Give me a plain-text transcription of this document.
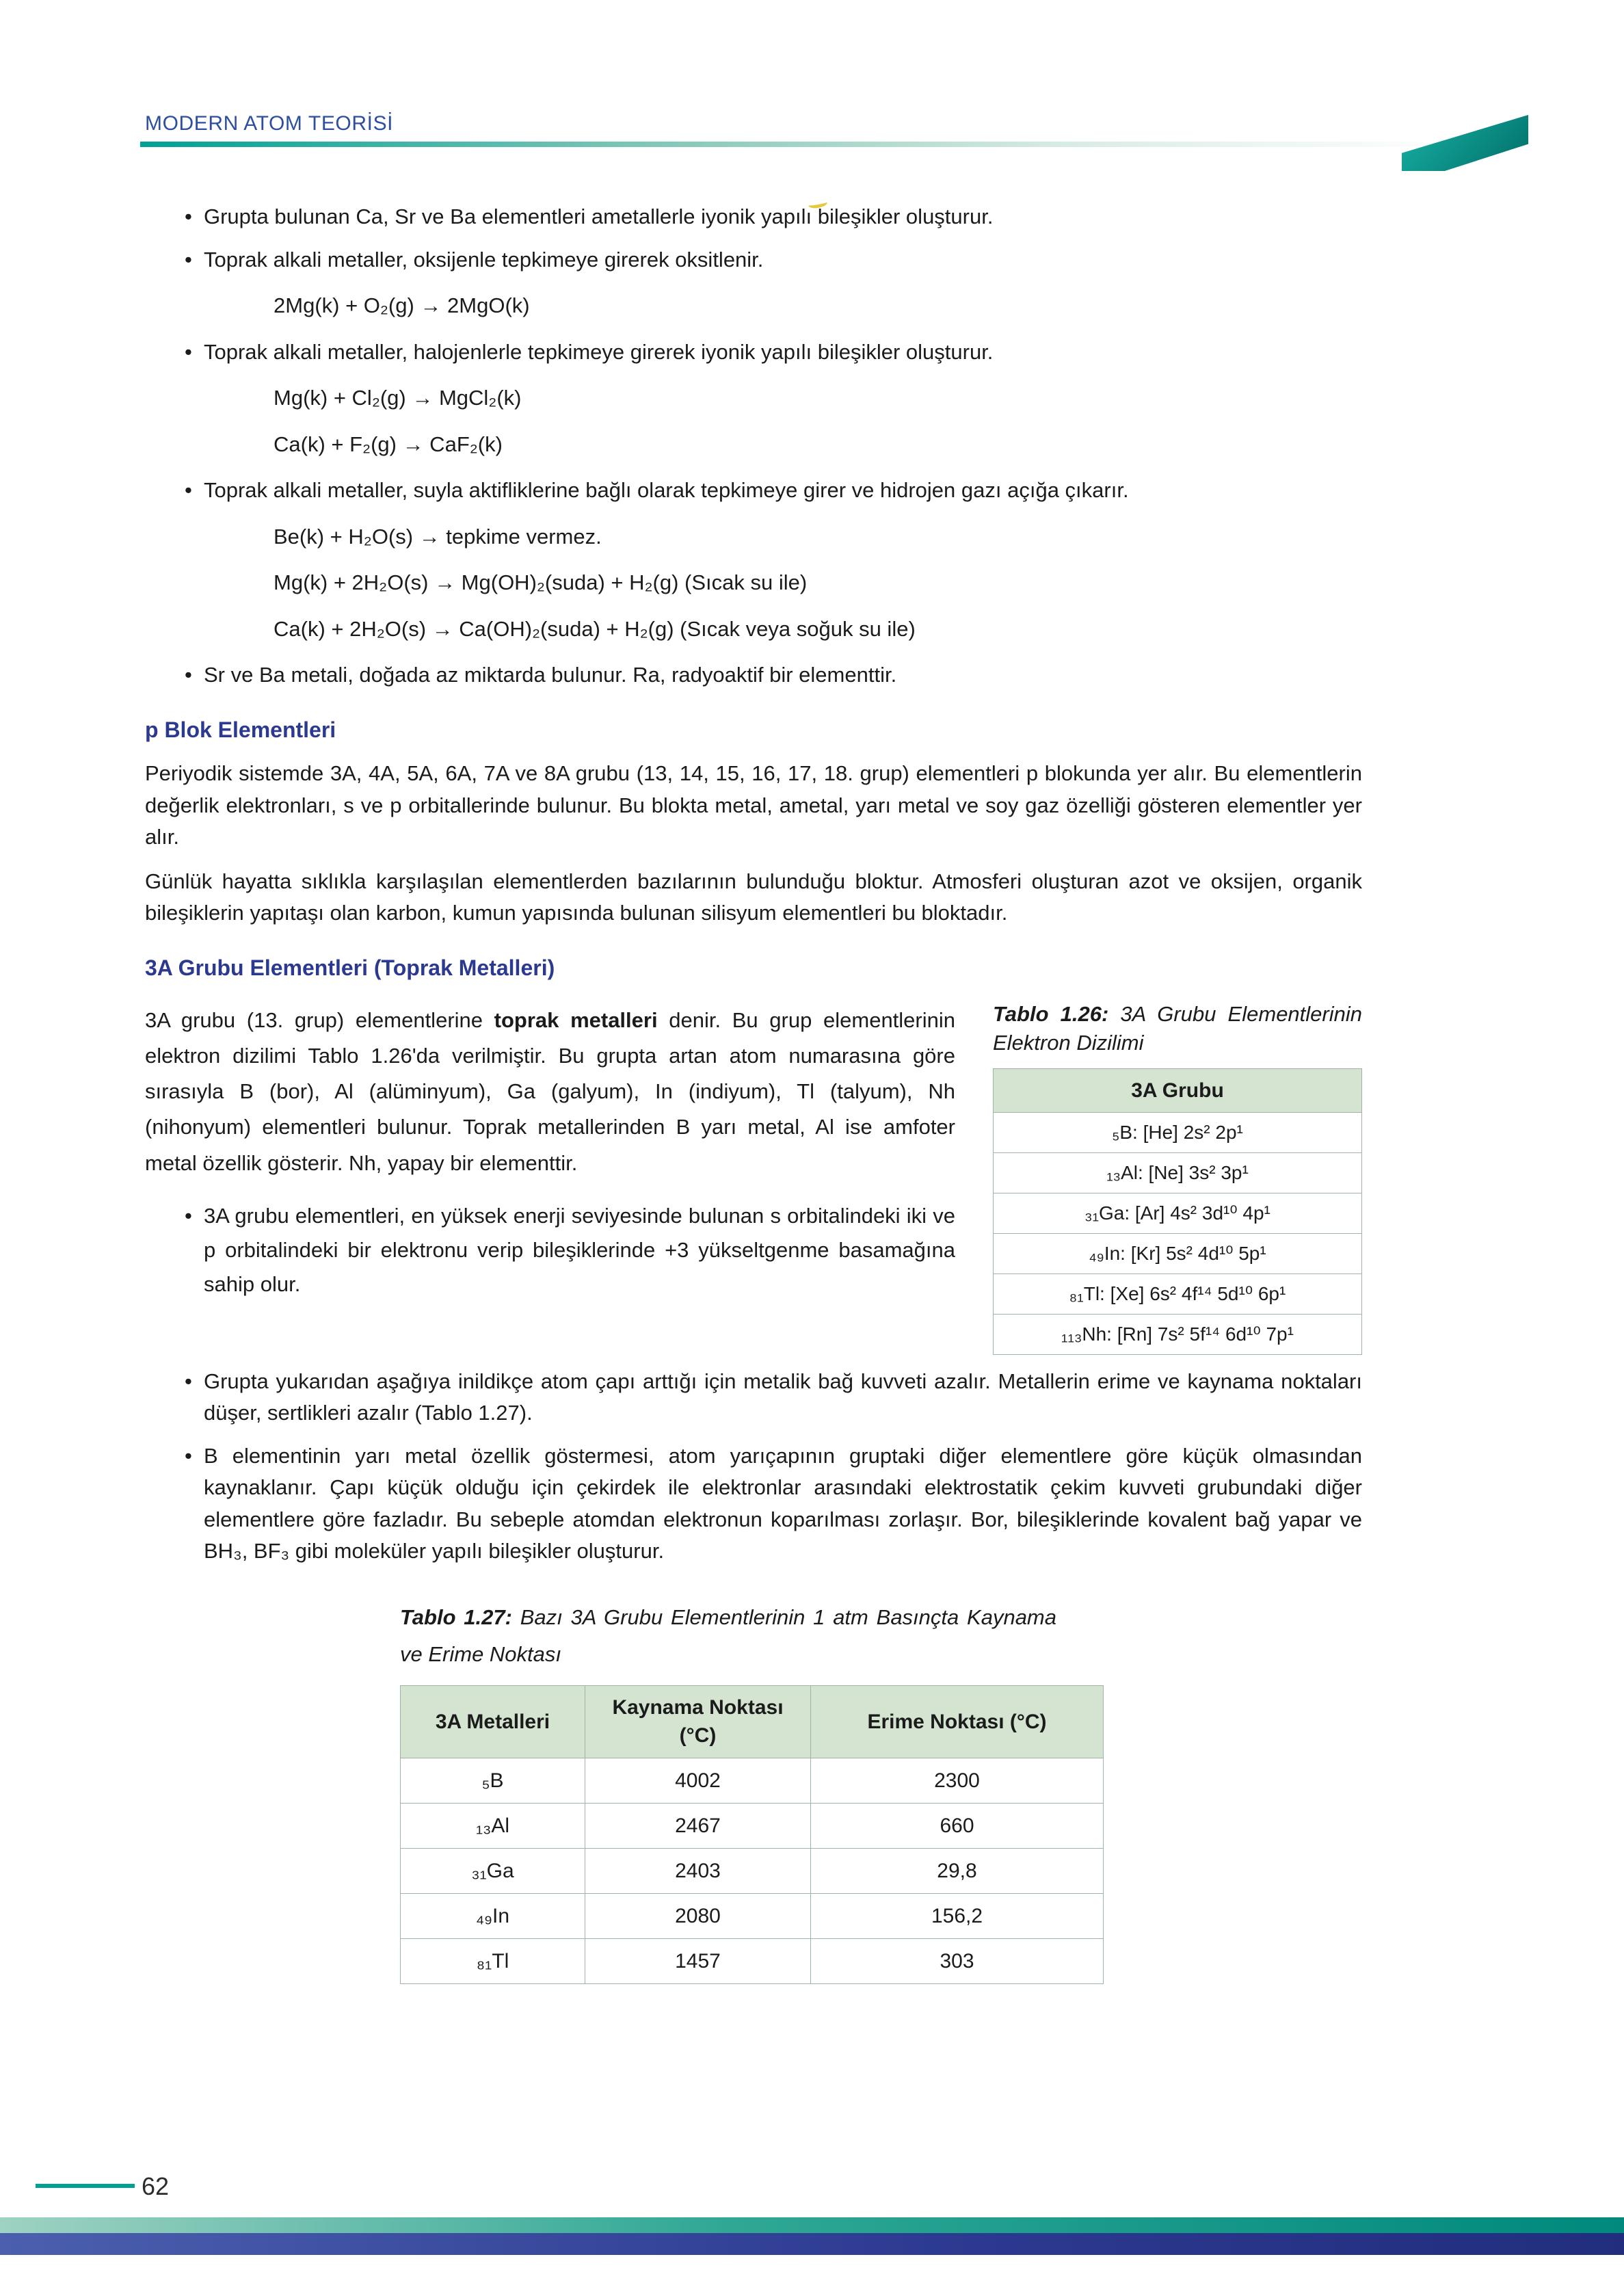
MODERN ATOM TEORİSİ
• Grupta bulunan Ca, Sr ve Ba elementleri ametallerle iyonik yapılı bileşikler oluşturur.
• Toprak alkali metaller, oksijenle tepkimeye girerek oksitlenir.
2Mg(k) + O₂(g) → 2MgO(k)
• Toprak alkali metaller, halojenlerle tepkimeye girerek iyonik yapılı bileşikler oluşturur.
Mg(k) + Cl₂(g) → MgCl₂(k)
Ca(k) + F₂(g) → CaF₂(k)
• Toprak alkali metaller, suyla aktifliklerine bağlı olarak tepkimeye girer ve hidrojen gazı açığa çıkarır.
Be(k) + H₂O(s) → tepkime vermez.
Mg(k) + 2H₂O(s) → Mg(OH)₂(suda) + H₂(g) (Sıcak su ile)
Ca(k) + 2H₂O(s) → Ca(OH)₂(suda) + H₂(g) (Sıcak veya soğuk su ile)
• Sr ve Ba metali, doğada az miktarda bulunur. Ra, radyoaktif bir elementtir.
p Blok Elementleri

Periyodik sistemde 3A, 4A, 5A, 6A, 7A ve 8A grubu (13, 14, 15, 16, 17, 18. grup) elementleri p blokunda yer alır. Bu elementlerin değerlik elektronları, s ve p orbitallerinde bulunur. Bu blokta metal, ametal, yarı metal ve soy gaz özelliği gösteren elementler yer alır.

Günlük hayatta sıklıkla karşılaşılan elementlerden bazılarının bulunduğu bloktur. Atmosferi oluşturan azot ve oksijen, organik bileşiklerin yapıtaşı olan karbon, kumun yapısında bulunan silisyum elementleri bu bloktadır.

3A Grubu Elementleri (Toprak Metalleri)

3A grubu (13. grup) elementlerine toprak metalleri denir. Bu grup elementlerinin elektron dizilimi Tablo 1.26'da verilmiştir. Bu grupta artan atom numarasına göre sırasıyla B (bor), Al (alüminyum), Ga (galyum), In (indiyum), Tl (talyum), Nh (nihonyum) elementleri bulunur. Toprak metallerinden B yarı metal, Al ise amfoter metal özellik gösterir. Nh, yapay bir elementtir.

• 3A grubu elementleri, en yüksek enerji seviyesinde bulunan s orbitalindeki iki ve p orbitalindeki bir elektronu verip bileşiklerinde +3 yükseltgenme basamağına sahip olur.

Tablo 1.26: 3A Grubu Elementlerinin Elektron Dizilimi

3A Grubu
₅B: [He] 2s² 2p¹
₁₃Al: [Ne] 3s² 3p¹
₃₁Ga: [Ar] 4s² 3d¹⁰ 4p¹
₄₉In: [Kr] 5s² 4d¹⁰ 5p¹
₈₁Tl: [Xe] 6s² 4f¹⁴ 5d¹⁰ 6p¹
₁₁₃Nh: [Rn] 7s² 5f¹⁴ 6d¹⁰ 7p¹
• Grupta yukarıdan aşağıya inildikçe atom çapı arttığı için metalik bağ kuvveti azalır. Metallerin erime ve kaynama noktaları düşer, sertlikleri azalır (Tablo 1.27).
• B elementinin yarı metal özellik göstermesi, atom yarıçapının gruptaki diğer elementlere göre küçük olmasından kaynaklanır. Çapı küçük olduğu için çekirdek ile elektronlar arasındaki elektrostatik çekim kuvveti grubundaki diğer elementlere göre fazladır. Bu sebeple atomdan elektronun koparılması zorlaşır. Bor, bileşiklerinde kovalent bağ yapar ve BH₃, BF₃ gibi moleküler yapılı bileşikler oluşturur.

Tablo 1.27: Bazı 3A Grubu Elementlerinin 1 atm Basınçta Kaynama ve Erime Noktası

3A Metalleri	Kaynama Noktası (°C)	Erime Noktası (°C)
₅B	4002	2300
₁₃Al	2467	660
₃₁Ga	2403	29,8
₄₉In	2080	156,2
₈₁Tl	1457	303
62
